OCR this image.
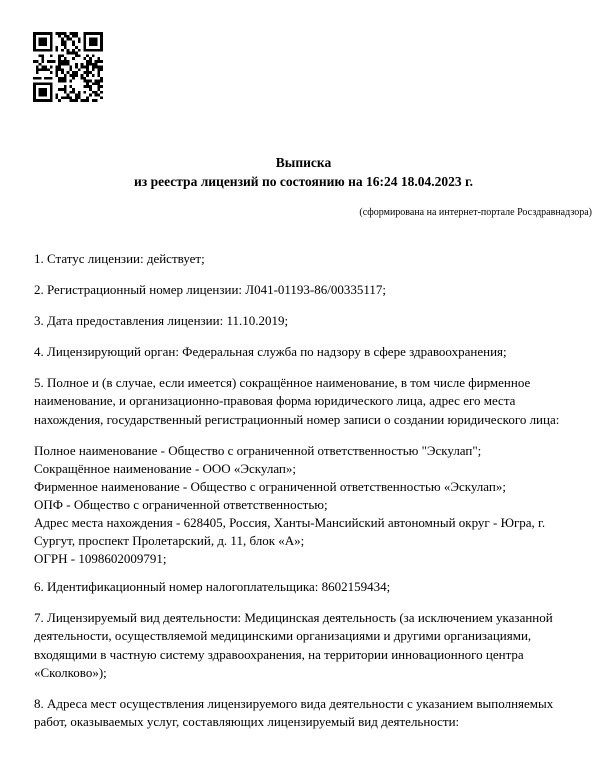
Выписка
из реестра лицензий по состоянию на 16:24 18.04.2023 г.
(сформирована на интернет-портале Росздравнадзора)

1. Статус лицензии: действует;

2. Регистрационный номер лицензии: Л041-01193-86/00335117;

3. Дата предоставления лицензии: 11.10.2019;

4. Лицензирующий орган: Федеральная служба по надзору в сфере здравоохранения;

5. Полное и (в случае, если имеется) сокращённое наименование, в том числе фирменное наименование, и организационно-правовая форма юридического лица, адрес его места нахождения, государственный регистрационный номер записи о создании юридического лица:

Полное наименование - Общество с ограниченной ответственностью "Эскулап";
Сокращённое наименование - ООО «Эскулап»;
Фирменное наименование - Общество с ограниченной ответственностью «Эскулап»;
ОПФ - Общество с ограниченной ответственностью;
Адрес места нахождения - 628405, Россия, Ханты-Мансийский автономный округ - Югра, г. Сургут, проспект Пролетарский, д. 11, блок «А»;
ОГРН - 1098602009791;

6. Идентификационный номер налогоплательщика: 8602159434;

7. Лицензируемый вид деятельности: Медицинская деятельность (за исключением указанной деятельности, осуществляемой медицинскими организациями и другими организациями, входящими в частную систему здравоохранения, на территории инновационного центра «Сколково»);

8. Адреса мест осуществления лицензируемого вида деятельности с указанием выполняемых работ, оказываемых услуг, составляющих лицензируемый вид деятельности:
